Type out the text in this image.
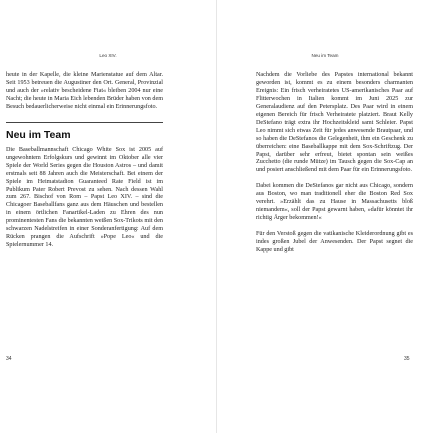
Leo XIV.

heute in der Kapelle, die kleine Marienstatue auf dem Altar. Seit 1953 betreuen die Augustiner den Ort. General, Provinzial und auch der »relativ bescheidene Fiat« bleiben 2004 nur eine Nacht; die heute in Maria Eich lebenden Brüder haben von dem Besuch bedauerlicherweise nicht einmal ein Erinnerungsfoto.

Neu im Team

Die Baseballmannschaft Chicago White Sox ist 2005 auf ungewohntem Erfolgskurs und gewinnt im Oktober alle vier Spiele der World Series gegen die Houston Astros – und damit erstmals seit 88 Jahren auch die Meisterschaft. Bei einem der Spiele im Heimatstadion Guaranteed Rate Field ist im Publikum Pater Robert Prevost zu sehen. Nach dessen Wahl zum 267. Bischof von Rom – Papst Leo XIV. – sind die Chicagoer Baseballfans ganz aus dem Häuschen und bestellen in einem örtlichen Fanartikel-Laden zu Ehren des nun prominentesten Fans die bekannten weißen Sox-Trikots mit den schwarzen Nadelstreifen in einer Sonderanfertigung: Auf dem Rücken prangen die Aufschrift »Pope Leo« und die Spielernummer 14.

34
Neu im Team

Nachdem die Vorliebe des Papstes international bekannt geworden ist, kommt es zu einem besonders charmanten Ereignis: Ein frisch verheiratetes US-amerikanisches Paar auf Flitterwochen in Italien kommt im Juni 2025 zur Generalaudienz auf den Petersplatz. Des Paar wird in einem eigenen Bereich für frisch Verheiratete platziert. Braut Kelly DeStefano trägt extra ihr Hochzeitskleid samt Schleier. Papst Leo nimmt sich etwas Zeit für jedes anwesende Brautpaar, und so haben die DeStefanos die Gelegenheit, ihm ein Geschenk zu überreichen: eine Baseballkappe mit dem Sox-Schriftzug. Der Papst, darüber sehr erfreut, bietet spontan sein weißes Zucchetto (die runde Mütze) im Tausch gegen die Sox-Cap an und posiert anschließend mit dem Paar für ein Erinnerungsfoto.

Dabei kommen die DeStefanos gar nicht aus Chicago, sondern aus Boston, wo man traditionell eher die Boston Red Sox verehrt. »Erzählt das zu Hause in Massachusetts bloß niemandem«, soll der Papst gewarnt haben, »dafür könntet ihr richtig Ärger bekommen!«

Für den Verstoß gegen die vatikanische Kleiderordnung gibt es indes großen Jubel der Anwesenden. Der Papst segnet die Kappe und gibt

35
